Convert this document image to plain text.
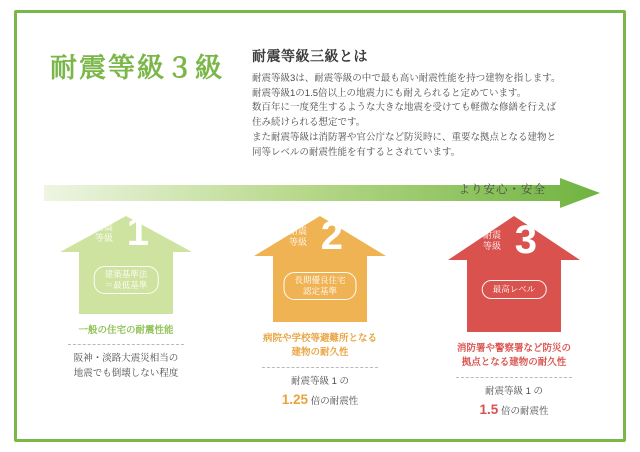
耐震等級３級 耐震等級三級とは
耐震等級3は、耐震等級の中で最も高い耐震性能を持つ建物を指します。
耐震等級1の1.5倍以上の地震力にも耐えられると定めています。
数百年に一度発生するような大きな地震を受けても軽微な修繕を行えば
住み続けられる想定です。
また耐震等級は消防署や官公庁など防災時に、重要な拠点となる建物と
同等レベルの耐震性能を有するとされています。
より安心・安全
耐震
等級 1
建築基準法
＝最低基準
一般の住宅の耐震性能
阪神・淡路大震災相当の
地震でも倒壊しない程度
耐震
等級 2
長期優良住宅
認定基準
病院や学校等避難所となる
建物の耐久性
耐震等級 1 の
1.25 倍の耐震性
耐震
等級 3
最高レベル
消防署や警察署など防災の
拠点となる建物の耐久性
耐震等級 1 の
1.5 倍の耐震性
